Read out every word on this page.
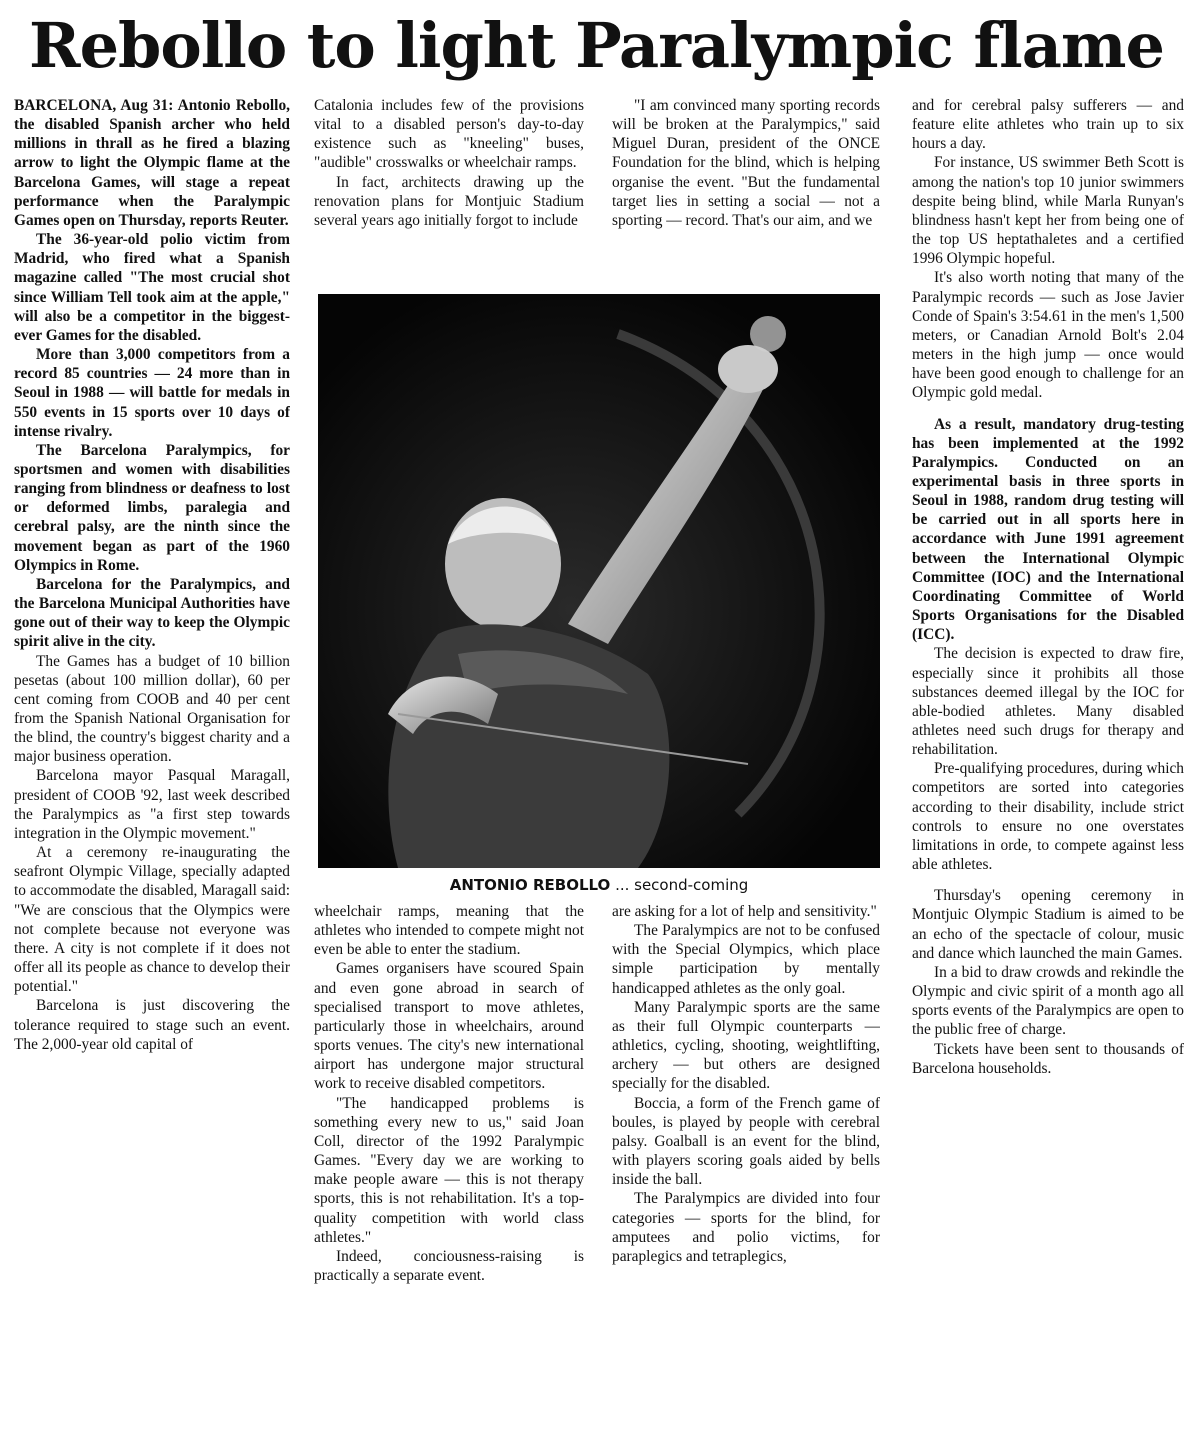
Rebollo to light Paralympic flame

BARCELONA, Aug 31: Antonio Rebollo, the disabled Spanish archer who held millions in thrall as he fired a blazing arrow to light the Olympic flame at the Barcelona Games, will stage a repeat performance when the Paralympic Games open on Thursday, reports Reuter.

The 36-year-old polio victim from Madrid, who fired what a Spanish magazine called "The most crucial shot since William Tell took aim at the apple," will also be a competitor in the biggest-ever Games for the disabled.

More than 3,000 competitors from a record 85 countries — 24 more than in Seoul in 1988 — will battle for medals in 550 events in 15 sports over 10 days of intense rivalry.

The Barcelona Paralympics, for sportsmen and women with disabilities ranging from blindness or deafness to lost or deformed limbs, paralegia and cerebral palsy, are the ninth since the movement began as part of the 1960 Olympics in Rome.

Barcelona for the Paralympics, and the Barcelona Municipal Authorities have gone out of their way to keep the Olympic spirit alive in the city.

The Games has a budget of 10 billion pesetas (about 100 million dollar), 60 per cent coming from COOB and 40 per cent from the Spanish National Organisation for the blind, the country's biggest charity and a major business operation.

Barcelona mayor Pasqual Maragall, president of COOB '92, last week described the Paralympics as "a first step towards integration in the Olympic movement."

At a ceremony re-inaugurating the seafront Olympic Village, specially adapted to accommodate the disabled, Maragall said: "We are conscious that the Olympics were not complete because not everyone was there. A city is not complete if it does not offer all its people as chance to develop their potential."

Barcelona is just discovering the tolerance required to stage such an event. The 2,000-year old capital of

Catalonia includes few of the provisions vital to a disabled person's day-to-day existence such as "kneeling" buses, "audible" crosswalks or wheelchair ramps.

In fact, architects drawing up the renovation plans for Montjuic Stadium several years ago initially forgot to include

"I am convinced many sporting records will be broken at the Paralympics," said Miguel Duran, president of the ONCE Foundation for the blind, which is helping organise the event. "But the fundamental target lies in setting a social — not a sporting — record. That's our aim, and we

ANTONIO REBOLLO ... second-coming

wheelchair ramps, meaning that the athletes who intended to compete might not even be able to enter the stadium.

Games organisers have scoured Spain and even gone abroad in search of specialised transport to move athletes, particularly those in wheelchairs, around sports venues. The city's new international airport has undergone major structural work to receive disabled competitors.

"The handicapped problems is something every new to us," said Joan Coll, director of the 1992 Paralympic Games. "Every day we are working to make people aware — this is not therapy sports, this is not rehabilitation. It's a top-quality competition with world class athletes."

Indeed, conciousness-raising is practically a separate event.

are asking for a lot of help and sensitivity."

The Paralympics are not to be confused with the Special Olympics, which place simple participation by mentally handicapped athletes as the only goal.

Many Paralympic sports are the same as their full Olympic counterparts — athletics, cycling, shooting, weightlifting, archery — but others are designed specially for the disabled.

Boccia, a form of the French game of boules, is played by people with cerebral palsy. Goalball is an event for the blind, with players scoring goals aided by bells inside the ball.

The Paralympics are divided into four categories — sports for the blind, for amputees and polio victims, for paraplegics and tetraplegics,

and for cerebral palsy sufferers — and feature elite athletes who train up to six hours a day.

For instance, US swimmer Beth Scott is among the nation's top 10 junior swimmers despite being blind, while Marla Runyan's blindness hasn't kept her from being one of the top US heptathaletes and a certified 1996 Olympic hopeful.

It's also worth noting that many of the Paralympic records — such as Jose Javier Conde of Spain's 3:54.61 in the men's 1,500 meters, or Canadian Arnold Bolt's 2.04 meters in the high jump — once would have been good enough to challenge for an Olympic gold medal.

As a result, mandatory drug-testing has been implemented at the 1992 Paralympics. Conducted on an experimental basis in three sports in Seoul in 1988, random drug testing will be carried out in all sports here in accordance with June 1991 agreement between the International Olympic Committee (IOC) and the International Coordinating Committee of World Sports Organisations for the Disabled (ICC).

The decision is expected to draw fire, especially since it prohibits all those substances deemed illegal by the IOC for able-bodied athletes. Many disabled athletes need such drugs for therapy and rehabilitation.

Pre-qualifying procedures, during which competitors are sorted into categories according to their disability, include strict controls to ensure no one overstates limitations in orde, to compete against less able athletes.

Thursday's opening ceremony in Montjuic Olympic Stadium is aimed to be an echo of the spectacle of colour, music and dance which launched the main Games.

In a bid to draw crowds and rekindle the Olympic and civic spirit of a month ago all sports events of the Paralympics are open to the public free of charge.

Tickets have been sent to thousands of Barcelona households.
